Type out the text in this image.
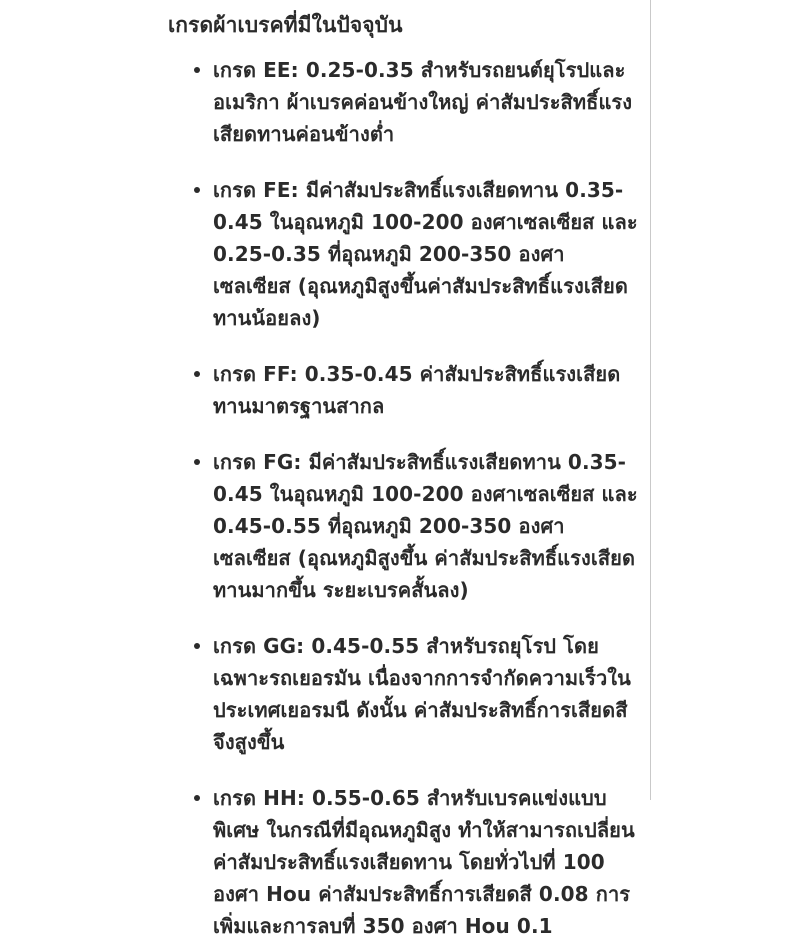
เกรดผ้าเบรคที่มีในปัจจุบัน
เกรด EE: 0.25-0.35 สำหรับรถยนต์ยุโรปและอเมริกา ผ้าเบรคค่อนข้างใหญ่ ค่าสัมประสิทธิ์แรงเสียดทานค่อนข้างต่ำ
เกรด FE: มีค่าสัมประสิทธิ์แรงเสียดทาน 0.35-0.45 ในอุณหภูมิ 100-200 องศาเซลเซียส และ 0.25-0.35 ที่อุณหภูมิ 200-350 องศาเซลเซียส (อุณหภูมิสูงขึ้นค่าสัมประสิทธิ์แรงเสียดทานน้อยลง)
เกรด FF: 0.35-0.45 ค่าสัมประสิทธิ์แรงเสียดทานมาตรฐานสากล
เกรด FG: มีค่าสัมประสิทธิ์แรงเสียดทาน 0.35-0.45 ในอุณหภูมิ 100-200 องศาเซลเซียส และ 0.45-0.55 ที่อุณหภูมิ 200-350 องศาเซลเซียส (อุณหภูมิสูงขึ้น ค่าสัมประสิทธิ์แรงเสียดทานมากขึ้น ระยะเบรคสั้นลง)
เกรด GG: 0.45-0.55 สำหรับรถยุโรป โดยเฉพาะรถเยอรมัน เนื่องจากการจำกัดความเร็วในประเทศเยอรมนี ดังนั้น ค่าสัมประสิทธิ์การเสียดสีจึงสูงขึ้น
เกรด HH: 0.55-0.65 สำหรับเบรคแข่งแบบพิเศษ ในกรณีที่มีอุณหภูมิสูง ทำให้สามารถเปลี่ยนค่าสัมประสิทธิ์แรงเสียดทาน โดยทั่วไปที่ 100 องศา Hou ค่าสัมประสิทธิ์การเสียดสี 0.08 การเพิ่มและการลบที่ 350 องศา Hou 0.1
